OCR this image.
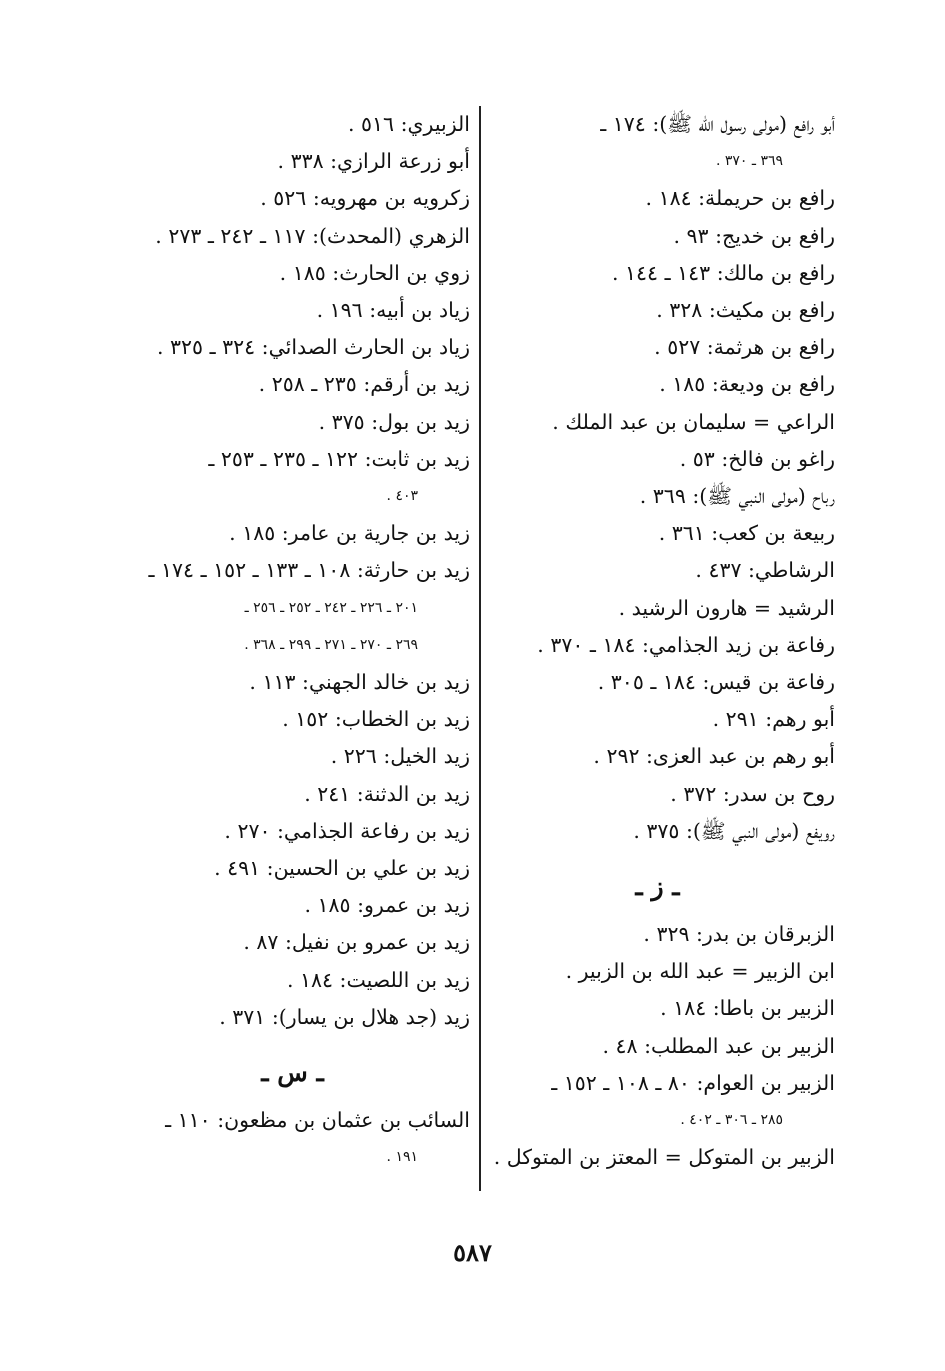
أبو رافع (مولى رسول الله ﷺ): ١٧٤ ـ
٣٦٩ ـ ٣٧٠ .
رافع بن حريملة: ١٨٤ .
رافع بن خديج: ٩٣ .
رافع بن مالك: ١٤٣ ـ ١٤٤ .
رافع بن مكيث: ٣٢٨ .
رافع بن هرثمة: ٥٢٧ .
رافع بن وديعة: ١٨٥ .
الراعي = سليمان بن عبد الملك .
راغو بن فالخ: ٥٣ .
رباح (مولى النبي ﷺ): ٣٦٩ .
ربيعة بن كعب: ٣٦١ .
الرشاطي: ٤٣٧ .
الرشيد = هارون الرشيد .
رفاعة بن زيد الجذامي: ١٨٤ ـ ٣٧٠ .
رفاعة بن قيس: ١٨٤ ـ ٣٠٥ .
أبو رهم: ٢٩١ .
أبو رهم بن عبد العزى: ٢٩٢ .
روح بن سدر: ٣٧٢ .
رويفع (مولى النبي ﷺ): ٣٧٥ .
ـ ز ـ
الزبرقان بن بدر: ٣٢٩ .
ابن الزبير = عبد الله بن الزبير .
الزبير بن باطا: ١٨٤ .
الزبير بن عبد المطلب: ٤٨ .
الزبير بن العوام: ٨٠ ـ ١٠٨ ـ ١٥٢ ـ
٢٨٥ ـ ٣٠٦ ـ ٤٠٢ .
الزبير بن المتوكل = المعتز بن المتوكل .
الزبيري: ٥١٦ .
أبو زرعة الرازي: ٣٣٨ .
زكرويه بن مهرويه: ٥٢٦ .
الزهري (المحدث): ١١٧ ـ ٢٤٢ ـ ٢٧٣ .
زوي بن الحارث: ١٨٥ .
زياد بن أبيه: ١٩٦ .
زياد بن الحارث الصدائي: ٣٢٤ ـ ٣٢٥ .
زيد بن أرقم: ٢٣٥ ـ ٢٥٨ .
زيد بن بول: ٣٧٥ .
زيد بن ثابت: ١٢٢ ـ ٢٣٥ ـ ٢٥٣ ـ
٤٠٣ .
زيد بن جارية بن عامر: ١٨٥ .
زيد بن حارثة: ١٠٨ ـ ١٣٣ ـ ١٥٢ ـ ١٧٤ ـ
٢٠١ ـ ٢٢٦ ـ ٢٤٢ ـ ٢٥٢ ـ ٢٥٦ ـ
٢٦٩ ـ ٢٧٠ ـ ٢٧١ ـ ٢٩٩ ـ ٣٦٨ .
زيد بن خالد الجهني: ١١٣ .
زيد بن الخطاب: ١٥٢ .
زيد الخيل: ٢٢٦ .
زيد بن الدثنة: ٢٤١ .
زيد بن رفاعة الجذامي: ٢٧٠ .
زيد بن علي بن الحسين: ٤٩١ .
زيد بن عمرو: ١٨٥ .
زيد بن عمرو بن نفيل: ٨٧ .
زيد بن اللصيت: ١٨٤ .
زيد (جد هلال بن يسار): ٣٧١ .
ـ س ـ
السائب بن عثمان بن مظعون: ١١٠ ـ
١٩١ .
٥٨٧
